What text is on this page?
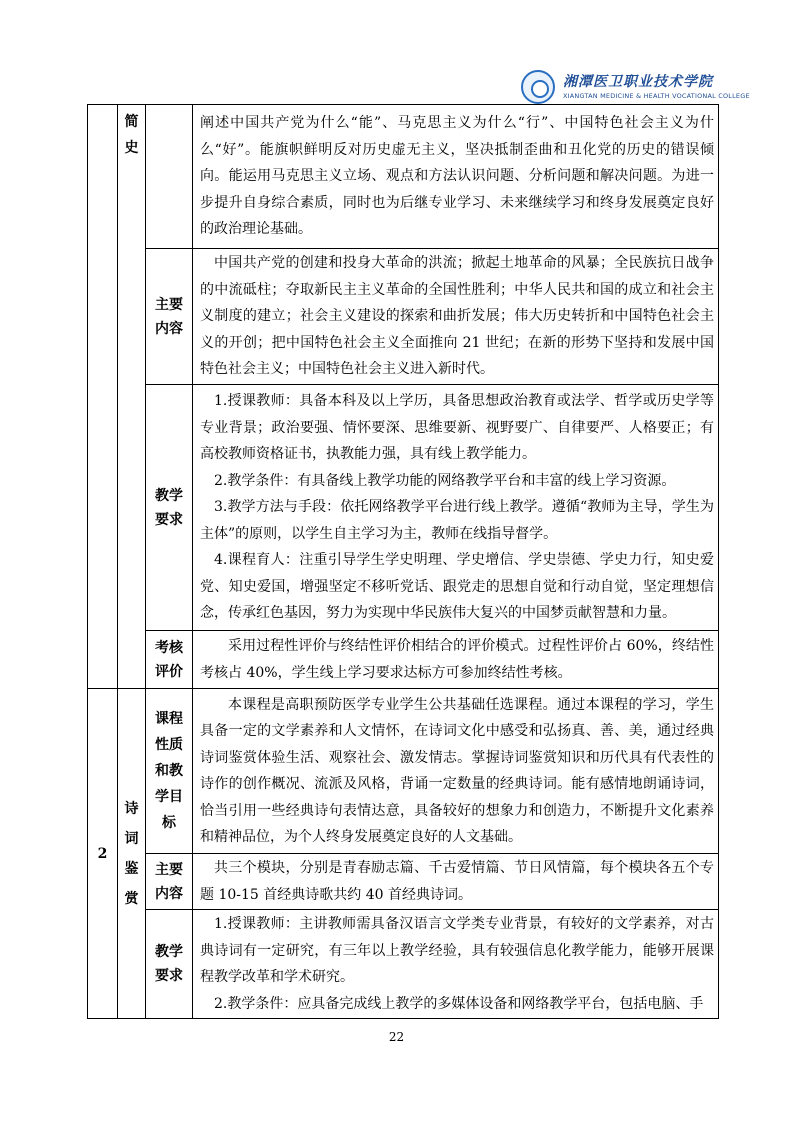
湘潭医卫职业技术学院
XIANGTAN MEDICINE & HEALTH VOCATIONAL COLLEGE
	简史		阐述中国共产党为什么“能”、马克思主义为什么“行”、中国特色社会主义为什么“好”。能旗帜鲜明反对历史虚无主义，坚决抵制歪曲和丑化党的历史的错误倾向。能运用马克思主义立场、观点和方法认识问题、分析问题和解决问题。为进一步提升自身综合素质，同时也为后继专业学习、未来继续学习和终身发展奠定良好的政治理论基础。

		主要内容	中国共产党的创建和投身大革命的洪流；掀起土地革命的风暴；全民族抗日战争的中流砥柱；夺取新民主主义革命的全国性胜利；中华人民共和国的成立和社会主义制度的建立；社会主义建设的探索和曲折发展；伟大历史转折和中国特色社会主义的开创；把中国特色社会主义全面推向 21 世纪；在新的形势下坚持和发展中国特色社会主义；中国特色社会主义进入新时代。

		教学要求	1.授课教师：具备本科及以上学历，具备思想政治教育或法学、哲学或历史学等专业背景；政治要强、情怀要深、思维要新、视野要广、自律要严、人格要正；有高校教师资格证书，执教能力强，具有线上教学能力。

2.教学条件：有具备线上教学功能的网络教学平台和丰富的线上学习资源。

3.教学方法与手段：依托网络教学平台进行线上教学。遵循“教师为主导，学生为主体”的原则，以学生自主学习为主，教师在线指导督学。

4.课程育人：注重引导学生学史明理、学史增信、学史崇德、学史力行，知史爱党、知史爱国，增强坚定不移听党话、跟党走的思想自觉和行动自觉，坚定理想信念，传承红色基因，努力为实现中华民族伟大复兴的中国梦贡献智慧和力量。

		考核评价	采用过程性评价与终结性评价相结合的评价模式。过程性评价占 60%，终结性考核占 40%，学生线上学习要求达标方可参加终结性考核。

2	诗词鉴赏	课程性质和教学目标	本课程是高职预防医学专业学生公共基础任选课程。通过本课程的学习，学生具备一定的文学素养和人文情怀，在诗词文化中感受和弘扬真、善、美，通过经典诗词鉴赏体验生活、观察社会、激发情志。掌握诗词鉴赏知识和历代具有代表性的诗作的创作概况、流派及风格，背诵一定数量的经典诗词。能有感情地朗诵诗词，恰当引用一些经典诗句表情达意，具备较好的想象力和创造力，不断提升文化素养和精神品位，为个人终身发展奠定良好的人文基础。

		主要内容	共三个模块，分别是青春励志篇、千古爱情篇、节日风情篇，每个模块各五个专题 10-15 首经典诗歌共约 40 首经典诗词。

		教学要求	1.授课教师：主讲教师需具备汉语言文学类专业背景，有较好的文学素养，对古典诗词有一定研究，有三年以上教学经验，具有较强信息化教学能力，能够开展课程教学改革和学术研究。

2.教学条件：应具备完成线上教学的多媒体设备和网络教学平台，包括电脑、手

22
